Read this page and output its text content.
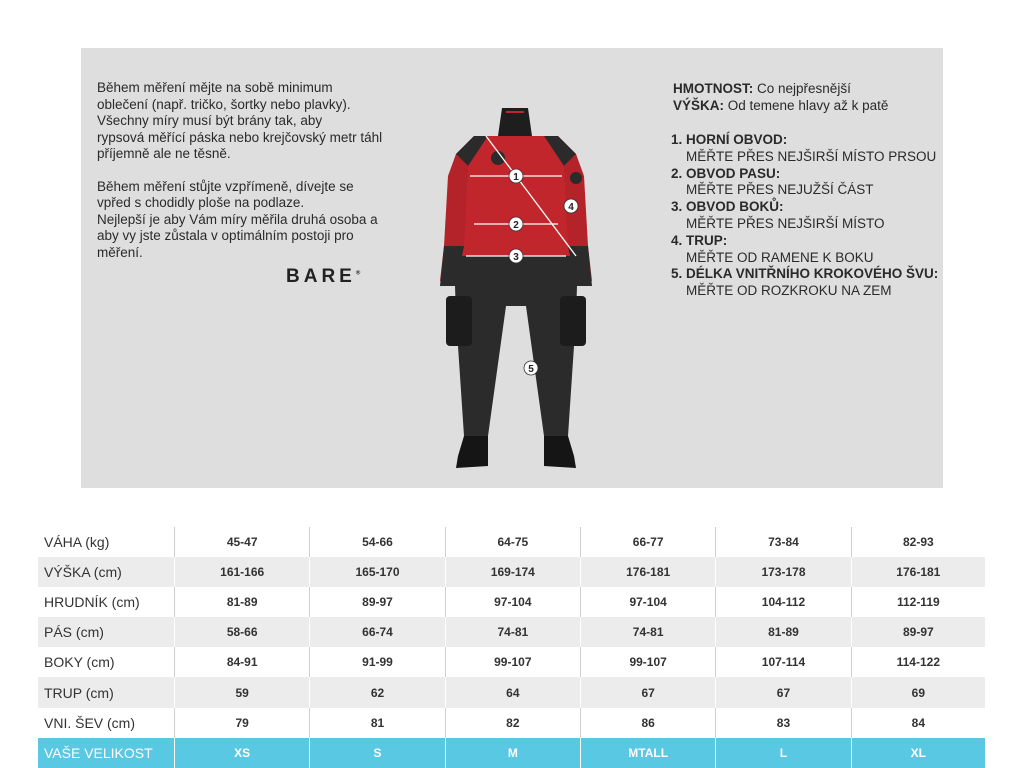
Během měření mějte na sobě minimum
oblečení (např. tričko, šortky nebo plavky).
Všechny míry musí být brány tak, aby
rypsová měřící páska nebo krejčovský metr táhl
příjemně ale ne těsně.

Během měření stůjte vzpřímeně, dívejte se
vpřed s chodidly ploše na podlaze.
Nejlepší je aby Vám míry měřila druhá osoba a
aby vy jste zůstala v optimálním postoji pro
měření.

BARE®
1
2
3
4
5
HMOTNOST: Co nejpřesnější
VÝŠKA: Od temene hlavy až k patě
1. HORNÍ OBVOD:
MĚŘTE PŘES NEJŠIRŠÍ MÍSTO PRSOU
2. OBVOD PASU:
MĚŘTE PŘES NEJUŽŠÍ ČÁST
3. OBVOD BOKŮ:
MĚŘTE PŘES NEJŠIRŠÍ MÍSTO
4. TRUP:
MĚŘTE OD RAMENE K BOKU
5. DÉLKA VNITŘNÍHO KROKOVÉHO ŠVU:
MĚŘTE OD ROZKROKU NA ZEM
VÁHA (kg)	45-47	54-66	64-75	66-77	73-84	82-93
VÝŠKA (cm)	161-166	165-170	169-174	176-181	173-178	176-181
HRUDNÍK (cm)	81-89	89-97	97-104	97-104	104-112	112-119
PÁS (cm)	58-66	66-74	74-81	74-81	81-89	89-97
BOKY (cm)	84-91	91-99	99-107	99-107	107-114	114-122
TRUP (cm)	59	62	64	67	67	69
VNI. ŠEV (cm)	79	81	82	86	83	84
VAŠE VELIKOST	XS	S	M	MTALL	L	XL
